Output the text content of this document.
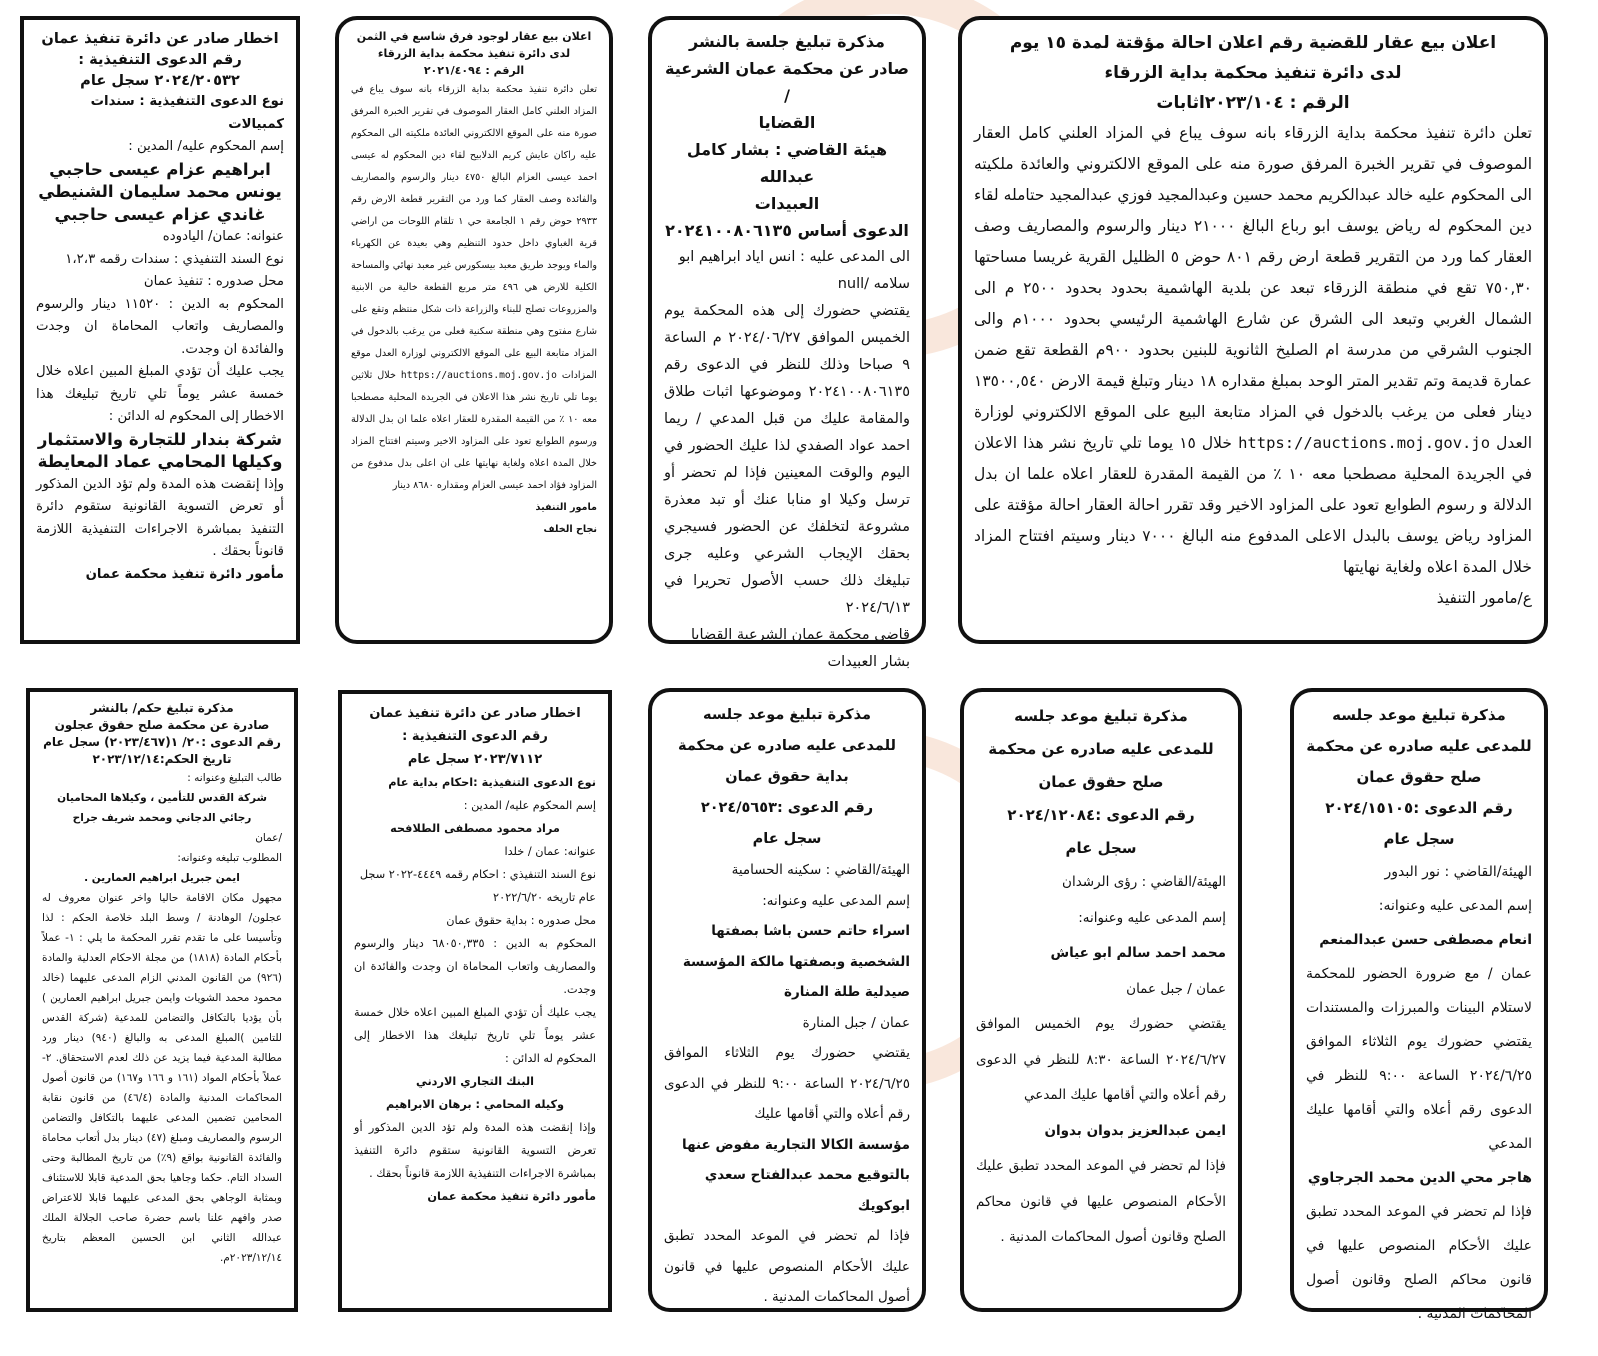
اعلان بيع عقار للقضية رقم اعلان احالة مؤقتة لمدة ١٥ يوم

لدى دائرة تنفيذ محكمة بداية الزرقاء

الرقم : ٢٠٢٣/١٠٤اثابات

تعلن دائرة تنفيذ محكمة بداية الزرقاء بانه سوف يباع في المزاد العلني كامل العقار الموصوف في تقرير الخبرة المرفق صورة منه على الموقع الالكتروني والعائدة ملكيته الى المحكوم عليه خالد عبدالكريم محمد حسين وعبدالمجيد فوزي عبدالمجيد حتامله لقاء دين المحكوم له رياض يوسف ابو رباع البالغ ٢١٠٠٠ دينار والرسوم والمصاريف وصف العقار كما ورد من التقرير قطعة ارض رقم ٨٠١ حوض ٥ الظليل القرية غريسا مساحتها ٧٥٠,٣٠ تقع في منطقة الزرقاء تبعد عن بلدية الهاشمية بحدود بحدود ٢٥٠٠ م الى الشمال الغربي وتبعد الى الشرق عن شارع الهاشمية الرئيسي بحدود ١٠٠٠م والى الجنوب الشرقي من مدرسة ام الصليخ الثانوية للبنين بحدود ٩٠٠م القطعة تقع ضمن عمارة قديمة وتم تقدير المتر الوحد بمبلغ مقداره ١٨ دينار وتبلغ قيمة الارض ١٣٥٠٠,٥٤٠ دينار فعلى من يرغب بالدخول في المزاد متابعة البيع على الموقع الالكتروني لوزارة العدل https://auctions.moj.gov.jo خلال ١٥ يوما تلي تاريخ نشر هذا الاعلان في الجريدة المحلية مصطحبا معه ١٠ ٪ من القيمة المقدرة للعقار اعلاه علما ان بدل الدلالة و رسوم الطوابع تعود على المزاود الاخير وقد تقرر احالة العقار احالة مؤقتة على المزاود رياض يوسف بالبدل الاعلى المدفوع منه البالغ ٧٠٠٠ دينار وسيتم افتتاح المزاد خلال المدة اعلاه ولغاية نهايتها

ع/مامور التنفيذ

مذكرة تبليغ جلسة بالنشر

صادر عن محكمة عمان الشرعية /

القضايا

هيئة القاضي : بشار كامل عبدالله

العبيدات

الدعوى أساس ٢٠٢٤١٠٠٨٠٦١٣٥

الى المدعى عليه : انس اياد ابراهيم ابو سلامه /null

يقتضي حضورك إلى هذه المحكمة يوم الخميس الموافق ٢٠٢٤/٠٦/٢٧ م الساعة ٩ صباحا وذلك للنظر في الدعوى رقم ٢٠٢٤١٠٠٨٠٦١٣٥ وموضوعها اثبات طلاق والمقامة عليك من قبل المدعي / ريما احمد عواد الصفدي لذا عليك الحضور في اليوم والوقت المعينين فإذا لم تحضر أو ترسل وكيلا او منابا عنك أو تبد معذرة مشروعة لتخلفك عن الحضور فسيجري بحقك الإيجاب الشرعي وعليه جرى تبليغك ذلك حسب الأصول تحريرا في ٢٠٢٤/٦/١٣

قاضي محكمة عمان الشرعية القضايا

بشار العبيدات

اعلان بيع عقار لوجود فرق شاسع في الثمن

لدى دائرة تنفيذ محكمة بداية الزرقاء

الرقم : ٢٠٢١/٤٠٩٤

تعلن دائرة تنفيذ محكمة بداية الزرقاء بانه سوف يباع في المزاد العلني كامل العقار الموصوف في تقرير الخبرة المرفق صورة منه على الموقع الالكتروني العائدة ملكيته الى المحكوم عليه راكان عايش كريم الدلابيح لقاء دين المحكوم له عيسى احمد عيسى العزام البالغ ٤٧٥٠ دينار والرسوم والمصاريف والفائدة وصف العقار كما ورد من التقرير قطعة الارض رقم ٢٩٣٣ حوض رقم ١ الجامعة حي ١ تلقام اللوحات من اراضي قرية الغباوي داخل حدود التنظيم وهي بعيدة عن الكهرباء والماء ويوجد طريق معبد بيسكورس غير معبد نهائي والمساحة الكلية للارض هي ٤٩٦ متر مربع القطعة خالية من الابنية والمزروعات تصلح للبناء والزراعة ذات شكل منتظم وتقع على شارع مفتوح وهي منطقة سكنية فعلى من يرغب بالدخول في المزاد متابعة البيع على الموقع الالكتروني لوزارة العدل موقع المزادات https://auctions.moj.gov.jo خلال ثلاثين يوما تلي تاريخ نشر هذا الاعلان في الجريدة المحلية مصطحبا معه ١٠ ٪ من القيمة المقدرة للعقار اعلاه علما ان بدل الدلالة ورسوم الطوابع تعود على المزاود الاخير وسيتم افتتاح المزاد خلال المدة اعلاه ولغاية نهايتها على ان اعلى بدل مدفوع من المزاود فؤاد احمد عيسى العزام ومقداره ٨٦٨٠ دينار

مامور التنفيذ

نجاح الخلف

اخطار صادر عن دائرة تنفيذ عمان

رقم الدعوى التنفيذية :

٢٠٢٤/٢٠٥٣٢ سجل عام

نوع الدعوى التنفيذية : سندات كمبيالات

إسم المحكوم عليه/ المدين :

ابراهيم عزام عيسى حاجبي

يونس محمد سليمان الشنيطي

غاندي عزام عيسى حاجبي

عنوانه: عمان/ اليادوده

نوع السند التنفيذي : سندات رقمه ١،٢،٣

محل صدوره : تنفيذ عمان

المحكوم به الدين : ١١٥٢٠ دينار والرسوم والمصاريف واتعاب المحاماة ان وجدت والفائدة ان وجدت.

يجب عليك أن تؤدي المبلغ المبين اعلاه خلال خمسة عشر يوماً تلي تاريخ تبليغك هذا الاخطار إلى المحكوم له الدائن :

شركة بندار للتجارة والاستثمار

وكيلها المحامي عماد المعايطة

وإذا إنقضت هذه المدة ولم تؤد الدين المذكور أو تعرض التسوية القانونية ستقوم دائرة التنفيذ بمباشرة الاجراءات التنفيذية اللازمة قانوناً بحقك .

مأمور دائرة تنفيذ محكمة عمان

مذكرة تبليغ موعد جلسه

للمدعى عليه صادره عن محكمة

صلح حقوق عمان

رقم الدعوى :٢٠٢٤/١٥١٠٥

سجل عام

الهيئة/القاضي : نور البدور

إسم المدعى عليه وعنوانه:

انعام مصطفى حسن عبدالمنعم

عمان / مع ضرورة الحضور للمحكمة لاستلام البينات والمبرزات والمستندات يقتضي حضورك يوم الثلاثاء الموافق ٢٠٢٤/٦/٢٥ الساعة ٩:٠٠ للنظر في الدعوى رقم أعلاه والتي أقامها عليك المدعي

هاجر محي الدين محمد الجرجاوي

فإذا لم تحضر في الموعد المحدد تطبق عليك الأحكام المنصوص عليها في قانون محاكم الصلح وقانون أصول المحاكمات المدنية .

مذكرة تبليغ موعد جلسه

للمدعى عليه صادره عن محكمة

صلح حقوق عمان

رقم الدعوى :٢٠٢٤/١٢٠٨٤

سجل عام

الهيئة/القاضي : رؤى الرشدان

إسم المدعى عليه وعنوانه:

محمد احمد سالم ابو عياش

عمان / جبل عمان

يقتضي حضورك يوم الخميس الموافق ٢٠٢٤/٦/٢٧ الساعة ٨:٣٠ للنظر في الدعوى رقم أعلاه والتي أقامها عليك المدعي

ايمن عبدالعزيز بدوان بدوان

فإذا لم تحضر في الموعد المحدد تطبق عليك الأحكام المنصوص عليها في قانون محاكم الصلح وقانون أصول المحاكمات المدنية .

مذكرة تبليغ موعد جلسه

للمدعى عليه صادره عن محكمة

بداية حقوق عمان

رقم الدعوى :٢٠٢٤/٥٦٥٣

سجل عام

الهيئة/القاضي : سكينه الحسامية

إسم المدعى عليه وعنوانه:

اسراء حاتم حسن باشا بصفتها الشخصية وبصفتها مالكة المؤسسة صيدلية طلة المنارة

عمان / جبل المنارة

يقتضي حضورك يوم الثلاثاء الموافق ٢٠٢٤/٦/٢٥ الساعة ٩:٠٠ للنظر في الدعوى رقم أعلاه والتي أقامها عليك

مؤسسة الكالا التجارية مفوض عنها بالتوقيع محمد عبدالفتاح سعدي ابوكويك

فإذا لم تحضر في الموعد المحدد تطبق عليك الأحكام المنصوص عليها في قانون أصول المحاكمات المدنية .

اخطار صادر عن دائرة تنفيذ عمان

رقم الدعوى التنفيذية :

٢٠٢٣/٧١١٢ سجل عام

نوع الدعوى التنفيذية :احكام بداية عام

إسم المحكوم عليه/ المدين :

مراد محمود مصطفى الطلافحه

عنوانه: عمان / خلدا

نوع السند التنفيذي : احكام رقمه ٤٤٤٩-٢٠٢٢ سجل عام تاريخه ٢٠٢٢/٦/٢٠

محل صدوره : بداية حقوق عمان

المحكوم به الدين : ٦٨٠٥٠,٣٣٥ دينار والرسوم والمصاريف واتعاب المحاماة ان وجدت والفائدة ان وجدت.

يجب عليك أن تؤدي المبلغ المبين اعلاه خلال خمسة عشر يوماً تلي تاريخ تبليغك هذا الاخطار إلى المحكوم له الدائن :

البنك التجاري الاردني

وكيله المحامي : برهان الابراهيم

وإذا إنقضت هذه المدة ولم تؤد الدين المذكور أو تعرض التسوية القانونية ستقوم دائرة التنفيذ بمباشرة الاجراءات التنفيذية اللازمة قانوناً بحقك .

مأمور دائرة تنفيذ محكمة عمان

مذكرة تبليغ حكم/ بالنشر

صادرة عن محكمة صلح حقوق عجلون

رقم الدعوى :٢٠/ ١(٢٠٢٣/٤٦٧) سجل عام

تاريخ الحكم:٢٠٢٣/١٢/١٤

طالب التبليغ وعنوانه :

شركة القدس للتأمين ، وكيلاها المحاميان رجائي الدجاني ومحمد شريف جراح

/عمان

المطلوب تبليغه وعنوانه:

ايمن جبريل ابراهيم العمارين .

مجهول مكان الاقامة حاليا واخر عنوان معروف له عجلون/ الوهادنة / وسط البلد خلاصة الحكم : لذا وتأسيسا على ما تقدم تقرر المحكمة ما يلي : ١- عملاً بأحكام المادة (١٨١٨) من مجلة الاحكام العدلية والمادة (٩٢٦) من القانون المدني الزام المدعى عليهما (خالد محمود محمد الشويات وايمن جبريل ابراهيم العمارين ) بأن يؤديا بالتكافل والتضامن للمدعية (شركة القدس للتامين )المبلغ المدعى به والبالغ (٩٤٠) دينار ورد مطالبة المدعية فيما يزيد عن ذلك لعدم الاستحقاق. ٢- عملاً بأحكام المواد (١٦١ و ١٦٦ و١٦٧) من قانون أصول المحاكمات المدنية والمادة (٤٦/٤) من قانون نقابة المحامين تضمين المدعى عليهما بالتكافل والتضامن الرسوم والمصاريف ومبلغ (٤٧) دينار بدل أتعاب محاماة والفائدة القانونية بواقع (٩٪) من تاريخ المطالبة وحتى السداد التام. حكما وجاهيا بحق المدعية قابلا للاستئناف وبمثابة الوجاهي بحق المدعى عليهما قابلا للاعتراض صدر وافهم علنا باسم حضرة صاحب الجلالة الملك عبدالله الثاني ابن الحسين المعظم بتاريخ ٢٠٢٣/١٢/١٤م.
